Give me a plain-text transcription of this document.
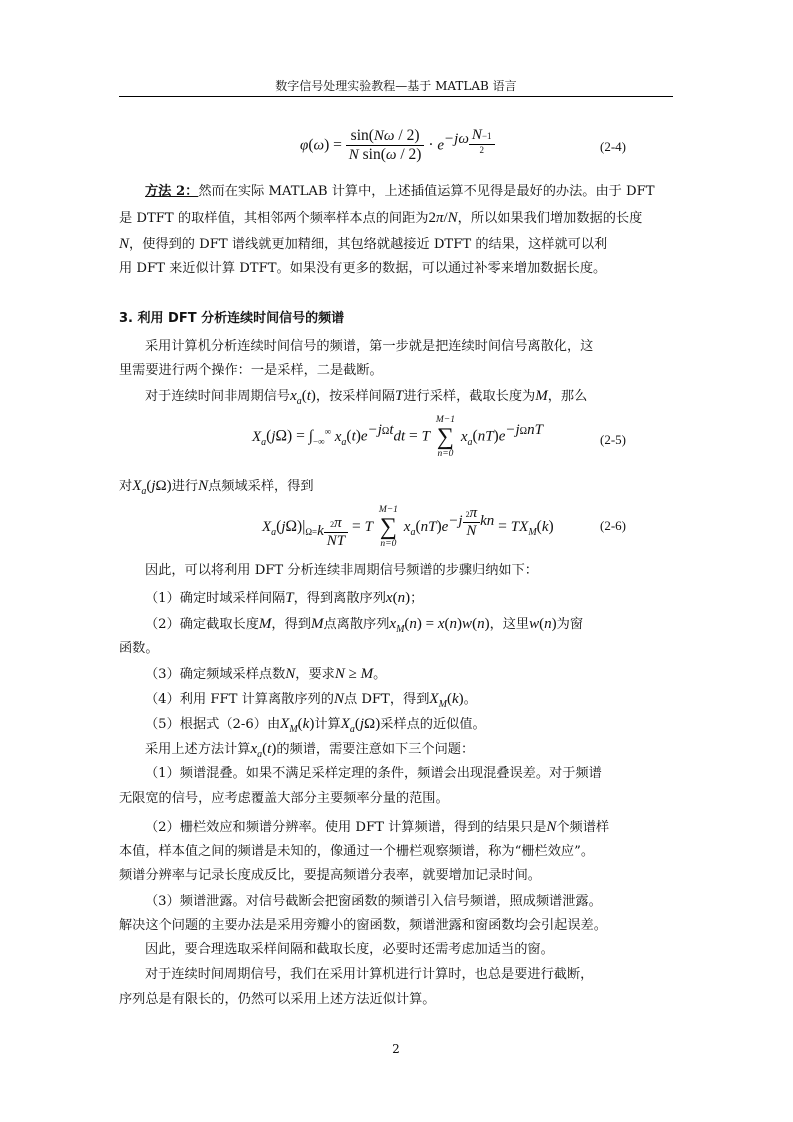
数字信号处理实验教程—基于 MATLAB 语言
$\varphi(\omega) = \frac{\sin(N\omega / 2)}{\text{N sin(ω / 2)}} \cdot e^{-j\omega \frac{N-1}{2}}$	(2-4)
方法 2：然而在实际 MATLAB 计算中，上述插值运算不见得是最好的办法。由于 DFT
是 DTFT 的取样值，其相邻两个频率样本点的间距为2π/N，所以如果我们增加数据的长度
N，使得到的 DFT 谱线就更加精细，其包络就越接近 DTFT 的结果，这样就可以利
用 DFT 来近似计算 DTFT。如果没有更多的数据，可以通过补零来增加数据长度。
3. 利用 DFT 分析连续时间信号的频谱
采用计算机分析连续时间信号的频谱，第一步就是把连续时间信号离散化，这
里需要进行两个操作：一是采样，二是截断。
对于连续时间非周期信号$x_a(t)$，按采样间隔T进行采样，截取长度为M，那么
$X_a(j\Omega) = \int_{-\infty}^\infty$ $x_a(t)e^{-j\Omega t}dt = T$
M−1
∑
n=0
$x_a(nT)e^{-j\Omega nT}$
(2-5)
对$X_a(j\Omega)$进行N点频域采样，得到
$X_a(j\Omega)|_{\Omega=k \frac{2\pi}{NT}} = T$
M−1
∑
n=0
$x_a(nT)e^{-j \frac{2\pi}{N} kn} = TX_M(k)$	(2-6)
因此，可以将利用 DFT 分析连续非周期信号频谱的步骤归纳如下：
（1）确定时域采样间隔T，得到离散序列x(n)；
（2）确定截取长度M，得到M点离散序列$x_M(n) = x(n)w(n)$，这里w(n)为窗
函数。
（3）确定频域采样点数N，要求N ≥ M。
（4）利用 FFT 计算离散序列的N点 DFT，得到$X_M(k)$。
（5）根据式（2-6）由$X_M(k)$计算$X_a(j\Omega)$采样点的近似值。
采用上述方法计算$x_a(t)$的频谱，需要注意如下三个问题：
（1）频谱混叠。如果不满足采样定理的条件，频谱会出现混叠误差。对于频谱
无限宽的信号，应考虑覆盖大部分主要频率分量的范围。
（2）栅栏效应和频谱分辨率。使用 DFT 计算频谱，得到的结果只是N个频谱样
本值，样本值之间的频谱是未知的，像通过一个栅栏观察频谱，称为“栅栏效应”。
频谱分辨率与记录长度成反比，要提高频谱分表率，就要增加记录时间。
（3）频谱泄露。对信号截断会把窗函数的频谱引入信号频谱，照成频谱泄露。
解决这个问题的主要办法是采用旁瓣小的窗函数，频谱泄露和窗函数均会引起误差。
因此，要合理选取采样间隔和截取长度，必要时还需考虑加适当的窗。
对于连续时间周期信号，我们在采用计算机进行计算时，也总是要进行截断，
序列总是有限长的，仍然可以采用上述方法近似计算。
2
